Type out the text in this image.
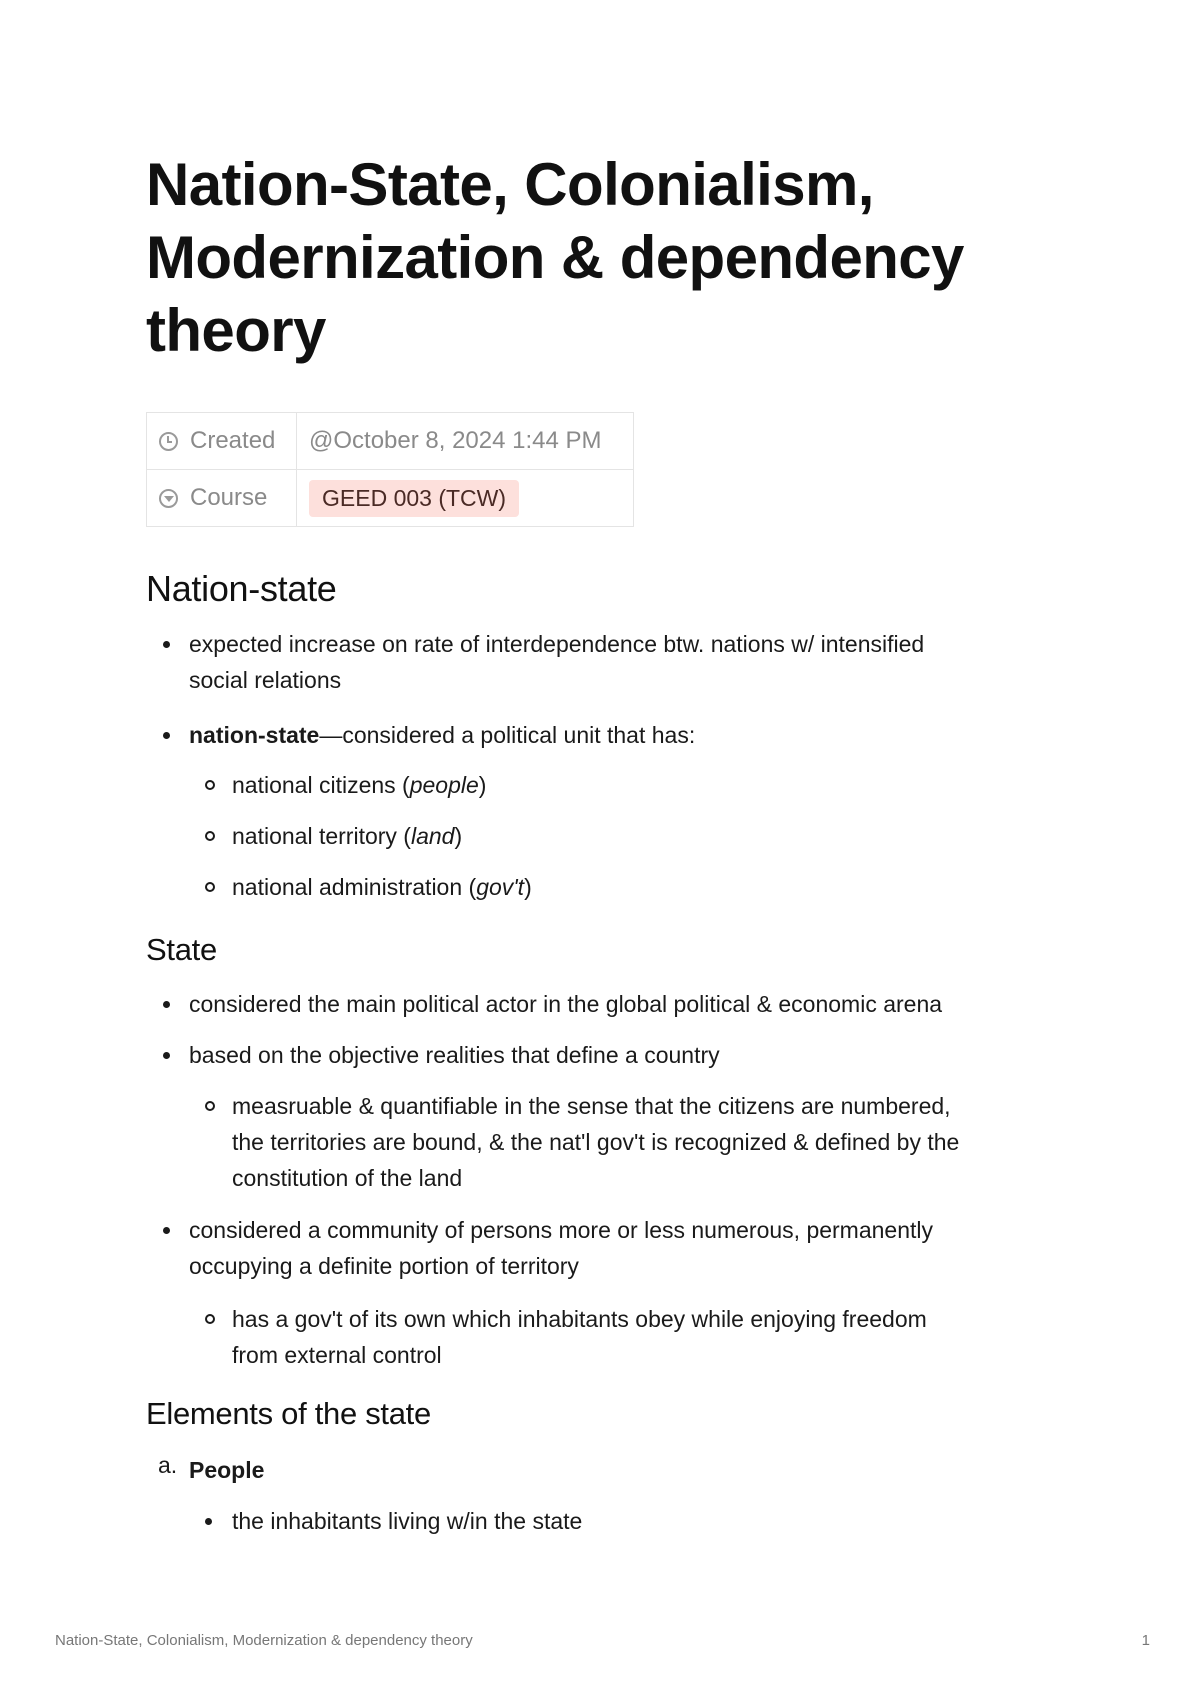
Nation-State, Colonialism, Modernization & dependency theory
Created	@October 8, 2024 1:44 PM
Course	GEED 003 (TCW)
Nation-state
expected increase on rate of interdependence btw. nations w/ intensified
social relations
nation-state—considered a political unit that has:
national citizens (people)
national territory (land)
national administration (gov't)
State
considered the main political actor in the global political & economic arena
based on the objective realities that define a country
measruable & quantifiable in the sense that the citizens are numbered,
the territories are bound, & the nat'l gov't is recognized & defined by the
constitution of the land
considered a community of persons more or less numerous, permanently
occupying a definite portion of territory
has a gov't of its own which inhabitants obey while enjoying freedom
from external control
Elements of the state
a. People
the inhabitants living w/in the state
Nation-State, Colonialism, Modernization & dependency theory	1
